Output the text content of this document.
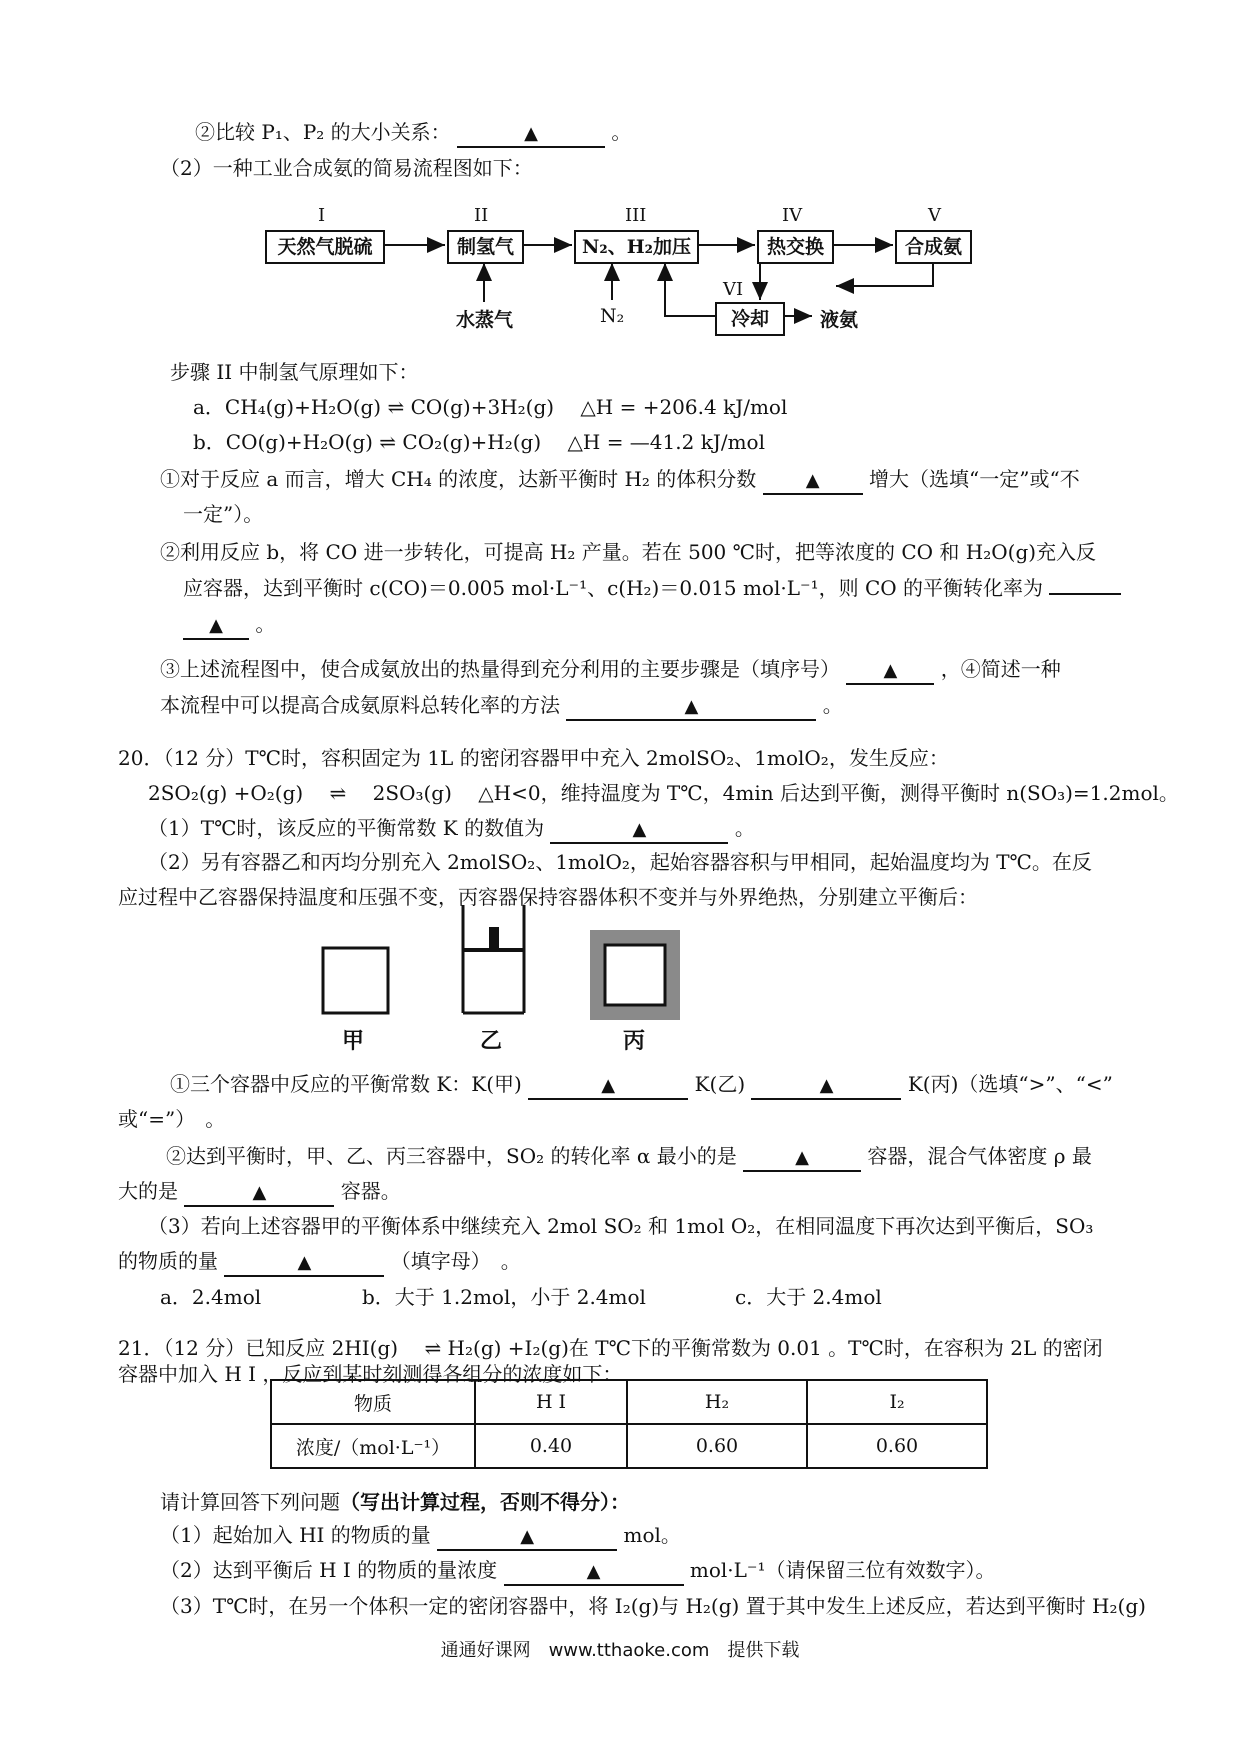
②比较 P₁、P₂ 的大小关系：	▲	。
（2）一种工业合成氨的简易流程图如下：
I	II	III	IV	V
VI
天然气脱硫	制氢气	N₂、H₂加压	热交换	合成氨
冷却
水蒸气	N₂	液氨
步骤 II 中制氢气原理如下：
a．CH₄(g)+H₂O(g) ⇌ CO(g)+3H₂(g)　 △H = +206.4 kJ/mol
b．CO(g)+H₂O(g) ⇌ CO₂(g)+H₂(g)　 △H = —41.2 kJ/mol
①对于反应 a 而言，增大 CH₄ 的浓度，达新平衡时 H₂ 的体积分数	▲ 增大（选填“一定”或“不
一定”）。
②利用反应 b，将 CO 进一步转化，可提高 H₂ 产量。若在 500 ℃时，把等浓度的 CO 和 H₂O(g)充入反
应容器，达到平衡时 c(CO)＝0.005 mol·L⁻¹、c(H₂)＝0.015 mol·L⁻¹，则 CO 的平衡转化率为
▲ 。
③上述流程图中，使合成氨放出的热量得到充分利用的主要步骤是（填序号） ▲ ，④简述一种
本流程中可以提高合成氨原料总转化率的方法	▲	。
20．（12 分）T℃时，容积固定为 1L 的密闭容器甲中充入 2molSO₂、1molO₂，发生反应：
2SO₂(g) +O₂(g) 　⇌　 2SO₃(g) 　△H<0，维持温度为 T℃，4min 后达到平衡，测得平衡时 n(SO₃)=1.2mol。
（1）T℃时，该反应的平衡常数 K 的数值为	▲	。
（2）另有容器乙和丙均分别充入 2molSO₂、1molO₂，起始容器容积与甲相同，起始温度均为 T℃。在反
应过程中乙容器保持温度和压强不变，丙容器保持容器体积不变并与外界绝热，分别建立平衡后：
甲	乙	丙
①三个容器中反应的平衡常数 K：K(甲)	▲	K(乙)	▲	K(丙)（选填“>”、“<”
或“=”）　。
②达到平衡时，甲、乙、丙三容器中，SO₂ 的转化率 α 最小的是	▲	容器，混合气体密度 ρ 最
大的是	▲	容器。
（3）若向上述容器甲的平衡体系中继续充入 2mol SO₂ 和 1mol O₂，在相同温度下再次达到平衡后，SO₃
的物质的量	▲	（填字母）　。
a．2.4mol	b．大于 1.2mol，小于 2.4mol	c．大于 2.4mol
21．（12 分）已知反应 2HI(g) 　⇌ H₂(g) +I₂(g)在 T℃下的平衡常数为 0.01 。T℃时，在容积为 2L 的密闭
容器中加入 H I ，反应到某时刻测得各组分的浓度如下：
物质	H I	H₂	I₂
浓度/（mol·L⁻¹）	0.40	0.60	0.60
请计算回答下列问题（写出计算过程，否则不得分）：
（1）起始加入 HI 的物质的量	▲	mol。
（2）达到平衡后 H I 的物质的量浓度	▲	mol·L⁻¹（请保留三位有效数字）。
（3）T℃时，在另一个体积一定的密闭容器中，将 I₂(g)与 H₂(g) 置于其中发生上述反应，若达到平衡时 H₂(g)
通通好课网　www.tthaoke.com　提供下载
